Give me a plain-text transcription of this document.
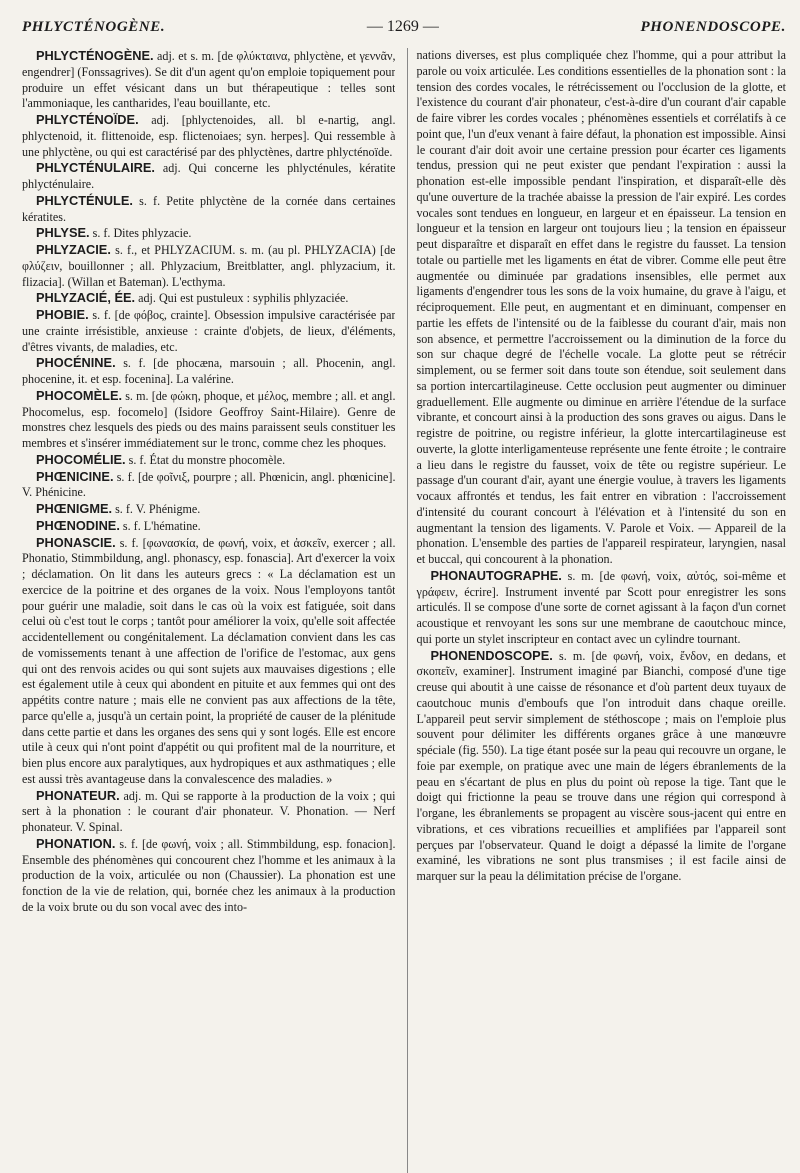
PHLYCTÉNOGÈNE.	— 1269 —	PHONENDOSCOPE.

PHLYCTÉNOGÈNE. adj. et s. m. [de φλύκταινα, phlyctène, et γεννᾶν, engendrer] (Fonssagrives). Se dit d'un agent qu'on emploie topiquement pour produire un effet vésicant dans un but thérapeutique : telles sont l'ammoniaque, les cantharides, l'eau bouillante, etc.

PHLYCTÉNOÏDE. adj. [phlyctenoides, all. bl e-nartig, angl. phlyctenoid, it. flittenoide, esp. flictenoiaes; syn. herpes]. Qui ressemble à une phlyctène, ou qui est caractérisé par des phlyctènes, dartre phlycténoïde.

PHLYCTÉNULAIRE. adj. Qui concerne les phlycténules, kératite phlycténulaire.

PHLYCTÉNULE. s. f. Petite phlyctène de la cornée dans certaines kératites.

PHLYSE. s. f. Dites phlyzacie.

PHLYZACIE. s. f., et PHLYZACIUM. s. m. (au pl. PHLYZACIA) [de φλύζειν, bouillonner ; all. Phlyzacium, Breitblatter, angl. phlyzacium, it. flizacia]. (Willan et Bateman). L'ecthyma.

PHLYZACIÉ, ÉE. adj. Qui est pustuleux : syphilis phlyzaciée.

PHOBIE. s. f. [de φόβος, crainte]. Obsession impulsive caractérisée par une crainte irrésistible, anxieuse : crainte d'objets, de lieux, d'éléments, d'êtres vivants, de maladies, etc.

PHOCÉNINE. s. f. [de phocæna, marsouin ; all. Phocenin, angl. phocenine, it. et esp. focenina]. La valérine.

PHOCOMÈLE. s. m. [de φώκη, phoque, et μέλος, membre ; all. et angl. Phocomelus, esp. focomelo] (Isidore Geoffroy Saint-Hilaire). Genre de monstres chez lesquels des pieds ou des mains paraissent seuls constituer les membres et s'insérer immédiatement sur le tronc, comme chez les phoques.

PHOCOMÉLIE. s. f. État du monstre phocomèle.

PHŒNICINE. s. f. [de φοῖνιξ, pourpre ; all. Phœnicin, angl. phœnicine]. V. Phénicine.

PHŒNIGME. s. f. V. Phénigme.

PHŒNODINE. s. f. L'hématine.

PHONASCIE. s. f. [φωνασκία, de φωνή, voix, et ἀσκεῖν, exercer ; all. Phonatio, Stimmbildung, angl. phonascy, esp. fonascia]. Art d'exercer la voix ; déclamation. On lit dans les auteurs grecs : « La déclamation est un exercice de la poitrine et des organes de la voix. Nous l'employons tantôt pour guérir une maladie, soit dans le cas où la voix est fatiguée, soit dans celui où c'est tout le corps ; tantôt pour améliorer la voix, qu'elle soit affectée accidentellement ou congénitalement. La déclamation convient dans les cas de vomissements tenant à une affection de l'orifice de l'estomac, aux gens qui ont des renvois acides ou qui sont sujets aux mauvaises digestions ; elle est également utile à ceux qui abondent en pituite et aux femmes qui ont des appétits contre nature ; mais elle ne convient pas aux affections de la tête, parce qu'elle a, jusqu'à un certain point, la propriété de causer de la plénitude dans cette partie et dans les organes des sens qui y sont logés. Elle est encore utile à ceux qui n'ont point d'appétit ou qui profitent mal de la nourriture, et bien plus encore aux paralytiques, aux hydropiques et aux asthmatiques ; elle est aussi très avantageuse dans la convalescence des maladies. »

PHONATEUR. adj. m. Qui se rapporte à la production de la voix ; qui sert à la phonation : le courant d'air phonateur. V. Phonation. — Nerf phonateur. V. Spinal.

PHONATION. s. f. [de φωνή, voix ; all. Stimmbildung, esp. fonacion]. Ensemble des phénomènes qui concourent chez l'homme et les animaux à la production de la voix, articulée ou non (Chaussier). La phonation est une fonction de la vie de relation, qui, bornée chez les animaux à la production de la voix brute ou du son vocal avec des into-

nations diverses, est plus compliquée chez l'homme, qui a pour attribut la parole ou voix articulée. Les conditions essentielles de la phonation sont : la tension des cordes vocales, le rétrécissement ou l'occlusion de la glotte, et l'existence du courant d'air phonateur, c'est-à-dire d'un courant d'air capable de faire vibrer les cordes vocales ; phénomènes essentiels et corrélatifs à ce point que, l'un d'eux venant à faire défaut, la phonation est impossible. Ainsi le courant d'air doit avoir une certaine pression pour écarter ces ligaments tendus, pression qui ne peut exister que pendant l'expiration : aussi la phonation est-elle impossible pendant l'inspiration, et disparaît-elle dès qu'une ouverture de la trachée abaisse la pression de l'air expiré. Les cordes vocales sont tendues en longueur, en largeur et en épaisseur. La tension en longueur et la tension en largeur ont toujours lieu ; la tension en épaisseur peut disparaître et disparaît en effet dans le registre du fausset. La tension totale ou partielle met les ligaments en état de vibrer. Comme elle peut être augmentée ou diminuée par gradations insensibles, elle permet aux ligaments d'engendrer tous les sons de la voix humaine, du grave à l'aigu, et réciproquement. Elle peut, en augmentant et en diminuant, compenser en partie les effets de l'intensité ou de la faiblesse du courant d'air, mais non son absence, et permettre l'accroissement ou la diminution de la force du son sur chaque degré de l'échelle vocale. La glotte peut se rétrécir simplement, ou se fermer soit dans toute son étendue, soit seulement dans sa portion intercartilagineuse. Cette occlusion peut augmenter ou diminuer graduellement. Elle augmente ou diminue en arrière l'étendue de la surface vibrante, et concourt ainsi à la production des sons graves ou aigus. Dans le registre de poitrine, ou registre inférieur, la glotte intercartilagineuse est ouverte, la glotte interligamenteuse représente une fente étroite ; le contraire a lieu dans le registre du fausset, voix de tête ou registre supérieur. Le passage d'un courant d'air, ayant une énergie voulue, à travers les ligaments vocaux affrontés et tendus, les fait entrer en vibration : l'accroissement d'intensité du courant concourt à l'élévation et à l'intensité du son en augmentant la tension des ligaments. V. Parole et Voix. — Appareil de la phonation. L'ensemble des parties de l'appareil respirateur, laryngien, nasal et buccal, qui concourent à la phonation.

PHONAUTOGRAPHE. s. m. [de φωνή, voix, αὐτός, soi-même et γράφειν, écrire]. Instrument inventé par Scott pour enregistrer les sons articulés. Il se compose d'une sorte de cornet agissant à la façon d'un cornet acoustique et renvoyant les sons sur une membrane de caoutchouc mince, qui porte un stylet inscripteur en contact avec un cylindre tournant.

PHONENDOSCOPE. s. m. [de φωνή, voix, ἔνδον, en dedans, et σκοπεῖν, examiner]. Instrument imaginé par Bianchi, composé d'une tige creuse qui aboutit à une caisse de résonance et d'où partent deux tuyaux de caoutchouc munis d'emboufs que l'on introduit dans chaque oreille. L'appareil peut servir simplement de stéthoscope ; mais on l'emploie plus souvent pour délimiter les différents organes grâce à une manœuvre spéciale (fig. 550). La tige étant posée sur la peau qui recouvre un organe, le foie par exemple, on pratique avec une main de légers ébranlements de la peau en s'écartant de plus en plus du point où repose la tige. Tant que le doigt qui frictionne la peau se trouve dans une région qui correspond à l'organe, les ébranlements se propagent au viscère sous-jacent qui entre en vibrations, et ces vibrations recueillies et amplifiées par l'appareil sont perçues par l'observateur. Quand le doigt a dépassé la limite de l'organe examiné, les vibrations ne sont plus transmises ; il est facile ainsi de marquer sur la peau la délimitation précise de l'organe.
